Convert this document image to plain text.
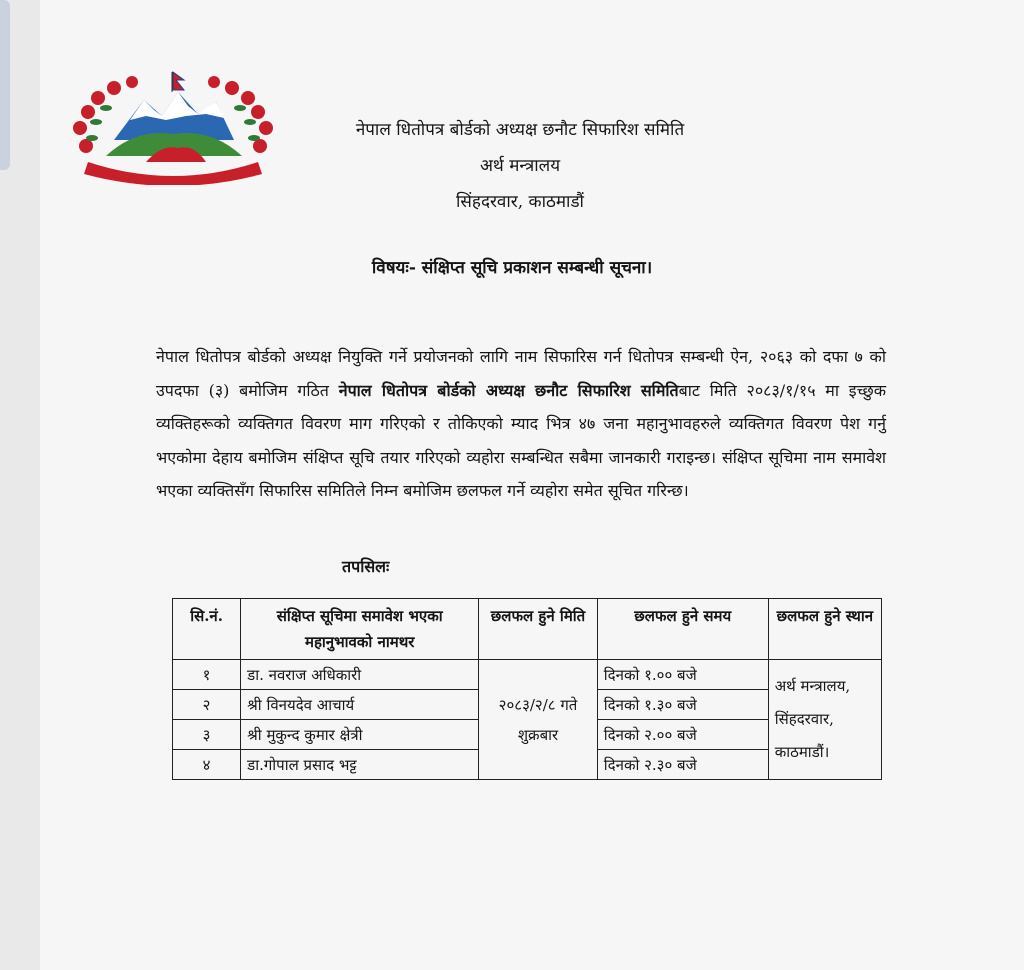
नेपाल धितोपत्र बोर्डको अध्यक्ष छनौट सिफारिश समिति
अर्थ मन्त्रालय
सिंहदरवार, काठमाडौं
विषयः- संक्षिप्त सूचि प्रकाशन सम्बन्धी सूचना।
नेपाल धितोपत्र बोर्डको अध्यक्ष नियुक्ति गर्ने प्रयोजनको लागि नाम सिफारिस गर्न धितोपत्र सम्बन्धी ऐन, २०६३ को दफा ७ को उपदफा (३) बमोजिम गठित नेपाल धितोपत्र बोर्डको अध्यक्ष छनौट सिफारिश समितिबाट मिति २०८३/१/१५ मा इच्छुक व्यक्तिहरूको व्यक्तिगत विवरण माग गरिएको र तोकिएको म्याद भित्र ४७ जना महानुभावहरुले व्यक्तिगत विवरण पेश गर्नु भएकोमा देहाय बमोजिम संक्षिप्त सूचि तयार गरिएको व्यहोरा सम्बन्धित सबैमा जानकारी गराइन्छ। संक्षिप्त सूचिमा नाम समावेश भएका व्यक्तिसँग सिफारिस समितिले निम्न बमोजिम छलफल गर्ने व्यहोरा समेत सूचित गरिन्छ।
तपसिलः
सि.नं.	संक्षिप्त सूचिमा समावेश भएका महानुभावको नामथर	छलफल हुने मिति	छलफल हुने समय	छलफल हुने स्थान
१	डा. नवराज अधिकारी	२०८३/२/८ गते शुक्रबार	दिनको १.०० बजे	अर्थ मन्त्रालय, सिंहदरवार, काठमाडौं।
२	श्री विनयदेव आचार्य		दिनको १.३० बजे	
३	श्री मुकुन्द कुमार क्षेत्री		दिनको २.०० बजे	
४	डा.गोपाल प्रसाद भट्ट		दिनको २.३० बजे	
